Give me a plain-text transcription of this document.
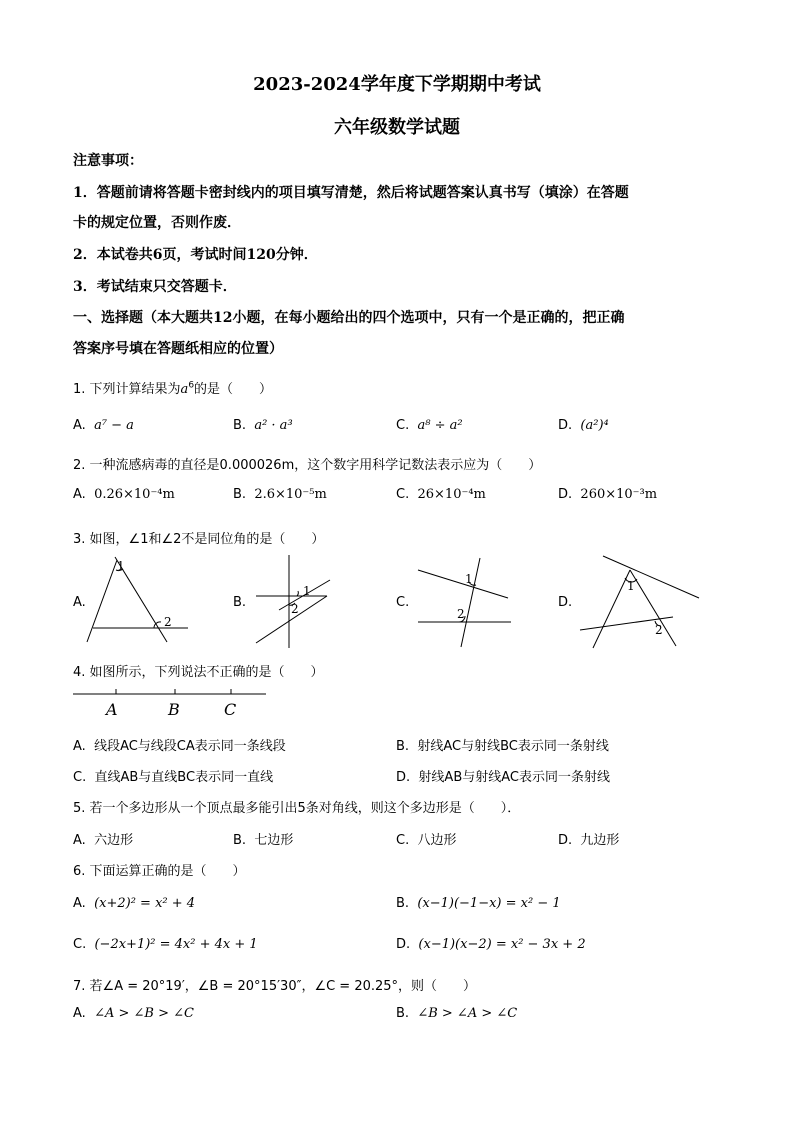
2023-2024学年度下学期期中考试
六年级数学试题
注意事项：
1．答题前请将答题卡密封线内的项目填写清楚，然后将试题答案认真书写（填涂）在答题
卡的规定位置，否则作废．
2．本试卷共6页，考试时间120分钟．
3．考试结束只交答题卡．
一、选择题（本大题共12小题，在每小题给出的四个选项中，只有一个是正确的，把正确
答案序号填在答题纸相应的位置）
1. 下列计算结果为$a^6$的是（　　）
A. a⁷ − a	B. a² · a³	C. a⁸ ÷ a²	D. (a²)⁴
2. 一种流感病毒的直径是0.000026m，这个数字用科学记数法表示应为（　　）
A. 0.26×10⁻⁴m	B. 2.6×10⁻⁵m	C. 26×10⁻⁴m	D. 260×10⁻³m
3. 如图，∠1和∠2不是同位角的是（　　）
A.	B.	C.	D.
1
2
1
2
1
2
1
2
A	B	C
4. 如图所示，下列说法不正确的是（　　）
A. 线段AC与线段CA表示同一条线段	B. 射线AC与射线BC表示同一条射线
C. 直线AB与直线BC表示同一直线	D. 射线AB与射线AC表示同一条射线
5. 若一个多边形从一个顶点最多能引出5条对角线，则这个多边形是（　　）．
A. 六边形	B. 七边形	C. 八边形	D. 九边形
6. 下面运算正确的是（　　）
A. (x+2)² = x² + 4	B. (x−1)(−1−x) = x² − 1
C. (−2x+1)² = 4x² + 4x + 1	D. (x−1)(x−2) = x² − 3x + 2
7. 若∠A = 20°19′，∠B = 20°15′30″，∠C = 20.25°，则（　　）
A. ∠A > ∠B > ∠C	B. ∠B > ∠A > ∠C
